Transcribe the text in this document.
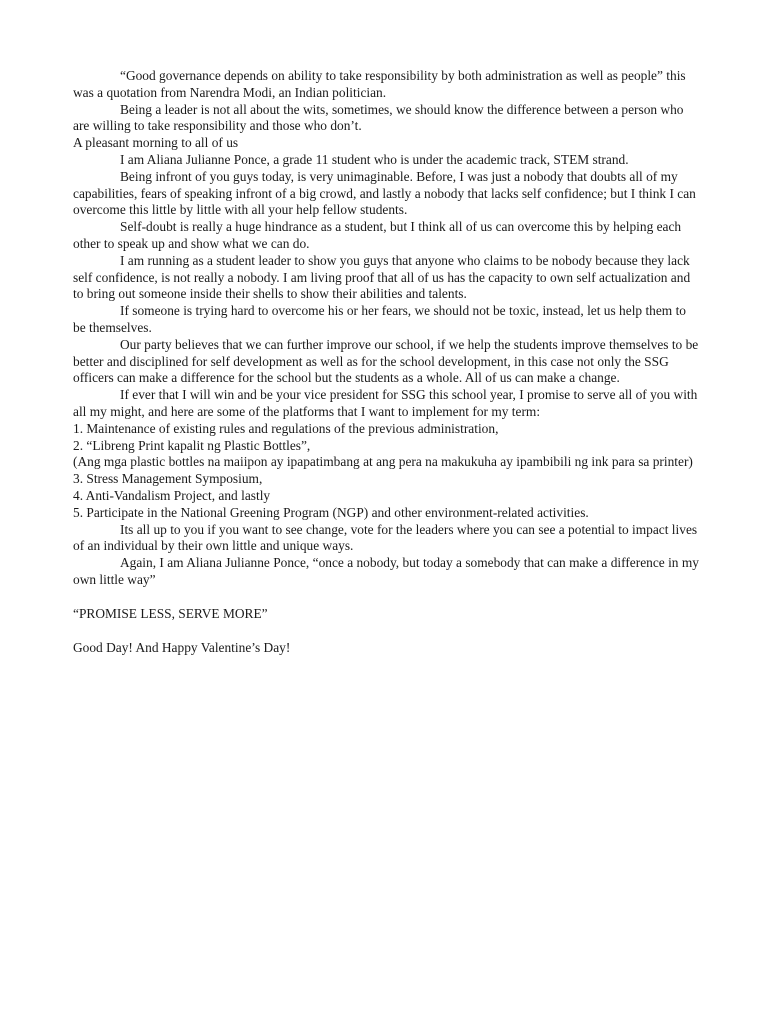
“Good governance depends on ability to take responsibility by both administration as well as people” this was a quotation from Narendra Modi, an Indian politician.

Being a leader is not all about the wits, sometimes, we should know the difference between a person who are willing to take responsibility and those who don’t.

A pleasant morning to all of us

I am Aliana Julianne Ponce, a grade 11 student who is under the academic track, STEM strand.

Being infront of you guys today, is very unimaginable. Before, I was just a nobody that doubts all of my capabilities, fears of speaking infront of a big crowd, and lastly a nobody that lacks self confidence; but I think I can overcome this little by little with all your help fellow students.

Self-doubt is really a huge hindrance as a student, but I think all of us can overcome this by helping each other to speak up and show what we can do.

I am running as a student leader to show you guys that anyone who claims to be nobody because they lack self confidence, is not really a nobody. I am living proof that all of us has the capacity to own self actualization and to bring out someone inside their shells to show their abilities and talents.

If someone is trying hard to overcome his or her fears, we should not be toxic, instead, let us help them to be themselves.

Our party believes that we can further improve our school, if we help the students improve themselves to be better and disciplined for self development as well as for the school development, in this case not only the SSG officers can make a difference for the school but the students as a whole. All of us can make a change.

If ever that I will win and be your vice president for SSG this school year, I promise to serve all of you with all my might, and here are some of the platforms that I want to implement for my term:

1. Maintenance of existing rules and regulations of the previous administration,

2. “Libreng Print kapalit ng Plastic Bottles”,

(Ang mga plastic bottles na maiipon ay ipapatimbang at ang pera na makukuha ay ipambibili ng ink para sa printer)

3. Stress Management Symposium,

4. Anti-Vandalism Project, and lastly

5. Participate in the National Greening Program (NGP) and other environment-related activities.

Its all up to you if you want to see change, vote for the leaders where you can see a potential to impact lives of an individual by their own little and unique ways.

Again, I am Aliana Julianne Ponce, “once a nobody, but today a somebody that can make a difference in my own little way”

“PROMISE LESS, SERVE MORE”

Good Day! And Happy Valentine’s Day!
